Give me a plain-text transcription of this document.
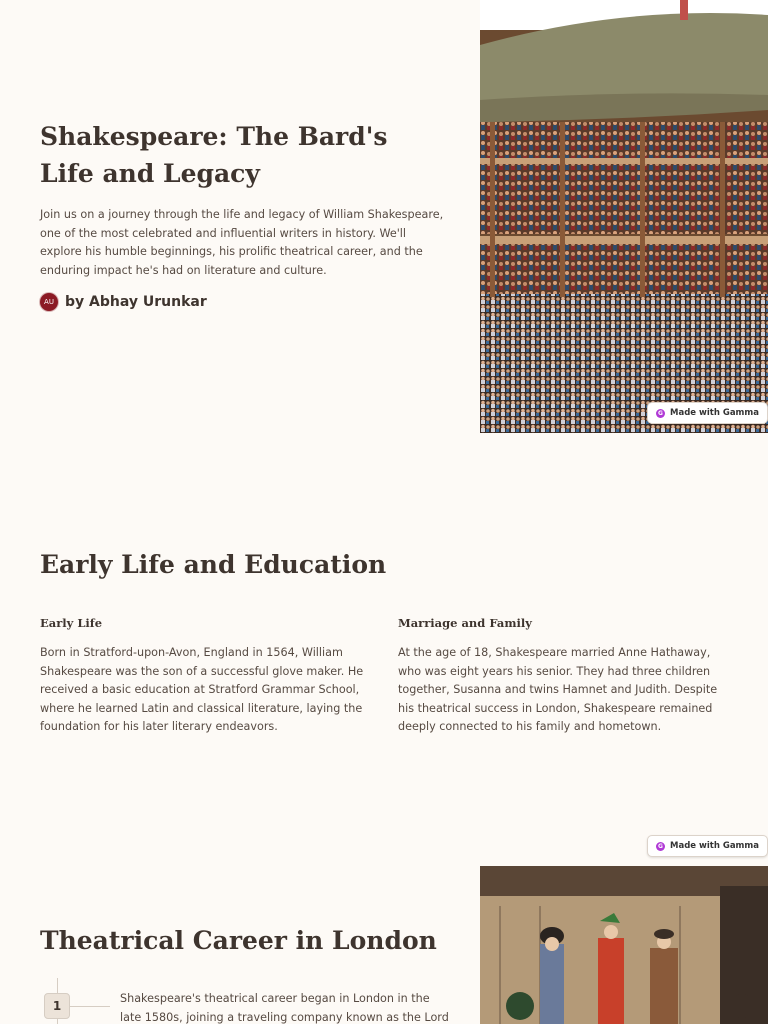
Shakespeare: The Bard's Life and Legacy

Join us on a journey through the life and legacy of William Shakespeare, one of the most celebrated and influential writers in history. We'll explore his humble beginnings, his prolific theatrical career, and the enduring impact he's had on literature and culture.

AU by Abhay Urunkar
G Made with Gamma
Early Life and Education
Early Life

Born in Stratford-upon-Avon, England in 1564, William Shakespeare was the son of a successful glove maker. He received a basic education at Stratford Grammar School, where he learned Latin and classical literature, laying the foundation for his later literary endeavors.

Marriage and Family

At the age of 18, Shakespeare married Anne Hathaway, who was eight years his senior. They had three children together, Susanna and twins Hamnet and Judith. Despite his theatrical success in London, Shakespeare remained deeply connected to his family and hometown.

G Made with Gamma
Theatrical Career in London
1

Shakespeare's theatrical career began in London in the late 1580s, joining a traveling company known as the Lord
